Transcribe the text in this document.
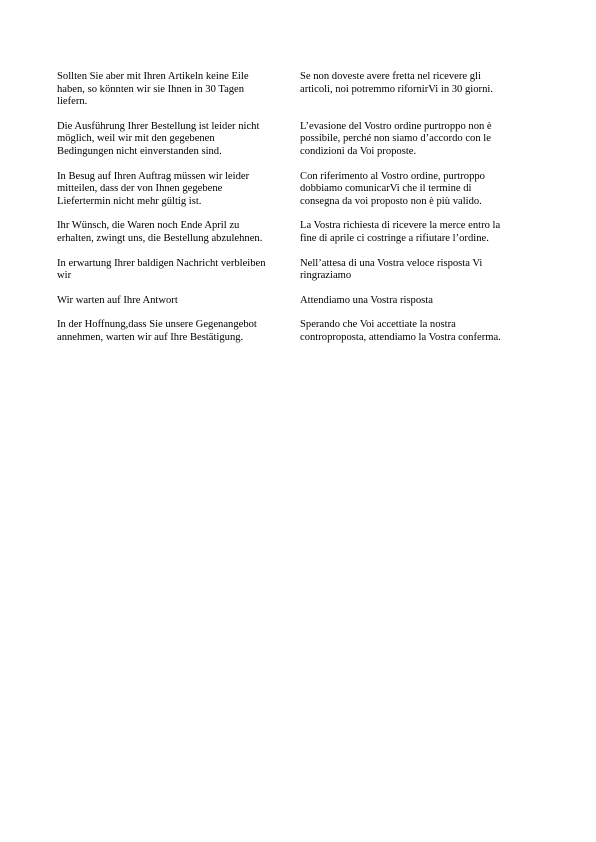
Sollten Sie aber mit Ihren Artikeln keine Eile
haben, so könnten wir sie Ihnen in 30 Tagen
liefern.
Se non doveste avere fretta nel ricevere gli
articoli, noi potremmo rifornirVi in 30 giorni.
Die Ausführung Ihrer Bestellung ist leider nicht
möglich, weil wir mit den gegebenen
Bedingungen nicht einverstanden sind.
L’evasione del Vostro ordine purtroppo non è
possibile, perché non siamo d’accordo con le
condizioni da Voi proposte.
In Besug auf Ihren Auftrag müssen wir leider
mitteilen, dass der von Ihnen gegebene
Liefertermin nicht mehr gültig ist.
Con riferimento al Vostro ordine, purtroppo
dobbiamo comunicarVi che il termine di
consegna da voi proposto non è più valido.
Ihr Wünsch, die Waren noch Ende April zu
erhalten, zwingt uns, die Bestellung abzulehnen.
La Vostra richiesta di ricevere la merce entro la
fine di aprile ci costringe a rifiutare l’ordine.
In erwartung Ihrer baldigen Nachricht verbleiben
wir
Nell’attesa di una Vostra veloce risposta Vi
ringraziamo
Wir warten auf Ihre Antwort	Attendiamo una Vostra risposta
In der Hoffnung,dass Sie unsere Gegenangebot
annehmen, warten wir auf Ihre Bestätigung.
Sperando che Voi accettiate la nostra
controproposta, attendiamo la Vostra conferma.
